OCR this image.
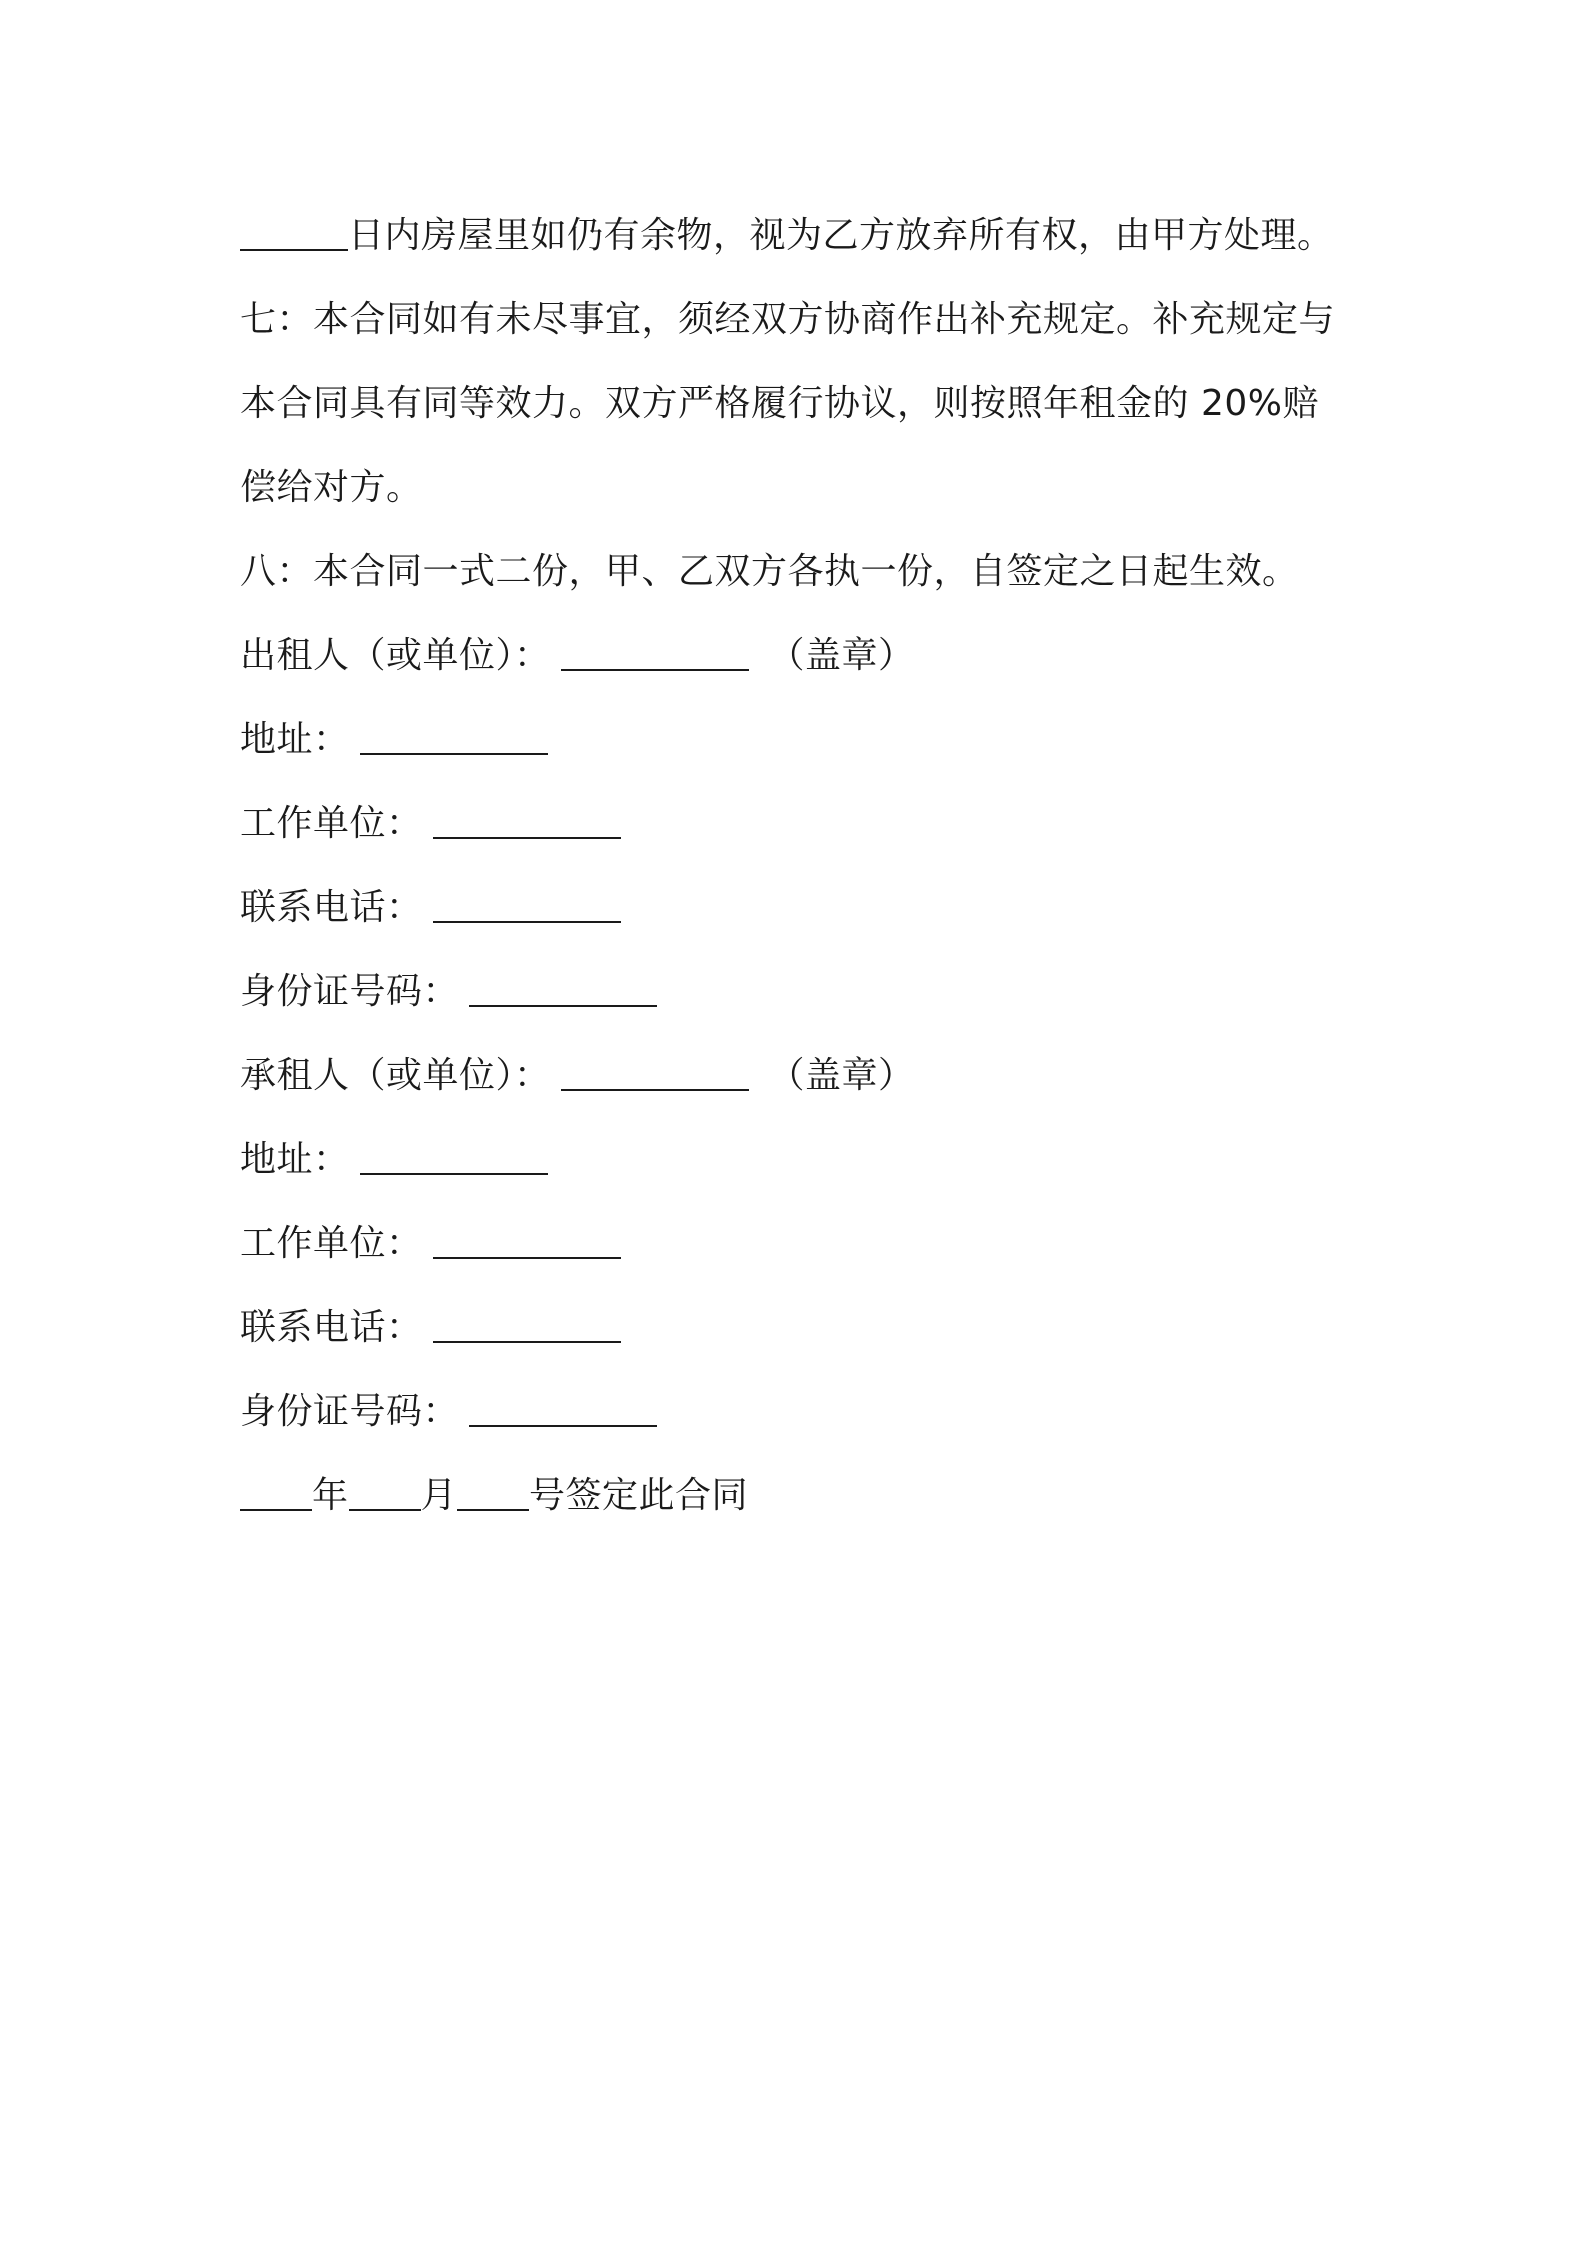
日内房屋里如仍有余物，视为乙方放弃所有权，由甲方处理。
七：本合同如有未尽事宜，须经双方协商作出补充规定。补充规定与
本合同具有同等效力。双方严格履行协议，则按照年租金的 20%赔
偿给对方。
八：本合同一式二份，甲、乙双方各执一份，自签定之日起生效。
出租人（或单位）：	（盖章）
地址：
工作单位：
联系电话：
身份证号码：
承租人（或单位）：	（盖章）
地址：
工作单位：
联系电话：
身份证号码：
年 月 号签定此合同
